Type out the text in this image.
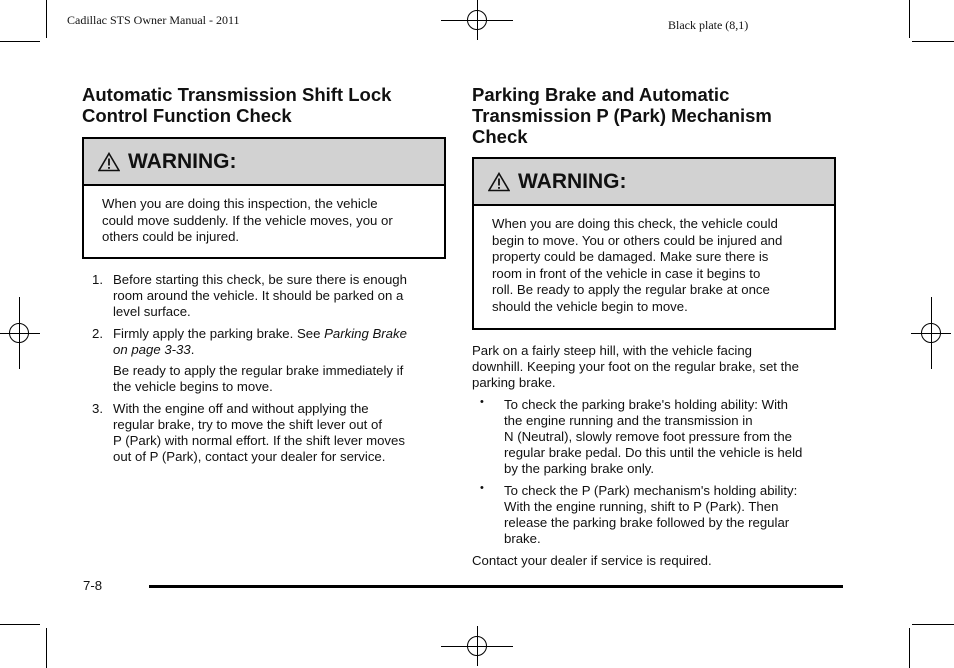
Cadillac STS Owner Manual - 2011	Black plate (8,1)
Automatic Transmission Shift Lock
Control Function Check
WARNING:
When you are doing this inspection, the vehicle
could move suddenly. If the vehicle moves, you or
others could be injured.
1. Before starting this check, be sure there is enough
room around the vehicle. It should be parked on a
level surface.
2. Firmly apply the parking brake. See Parking Brake
on page 3-33.
Be ready to apply the regular brake immediately if
the vehicle begins to move.
3. With the engine off and without applying the
regular brake, try to move the shift lever out of
P (Park) with normal effort. If the shift lever moves
out of P (Park), contact your dealer for service.
Parking Brake and Automatic
Transmission P (Park) Mechanism
Check
WARNING:
When you are doing this check, the vehicle could
begin to move. You or others could be injured and
property could be damaged. Make sure there is
room in front of the vehicle in case it begins to
roll. Be ready to apply the regular brake at once
should the vehicle begin to move.
Park on a fairly steep hill, with the vehicle facing
downhill. Keeping your foot on the regular brake, set the
parking brake.
• To check the parking brake's holding ability: With
the engine running and the transmission in
N (Neutral), slowly remove foot pressure from the
regular brake pedal. Do this until the vehicle is held
by the parking brake only.
• To check the P (Park) mechanism's holding ability:
With the engine running, shift to P (Park). Then
release the parking brake followed by the regular
brake.
Contact your dealer if service is required.
7-8
